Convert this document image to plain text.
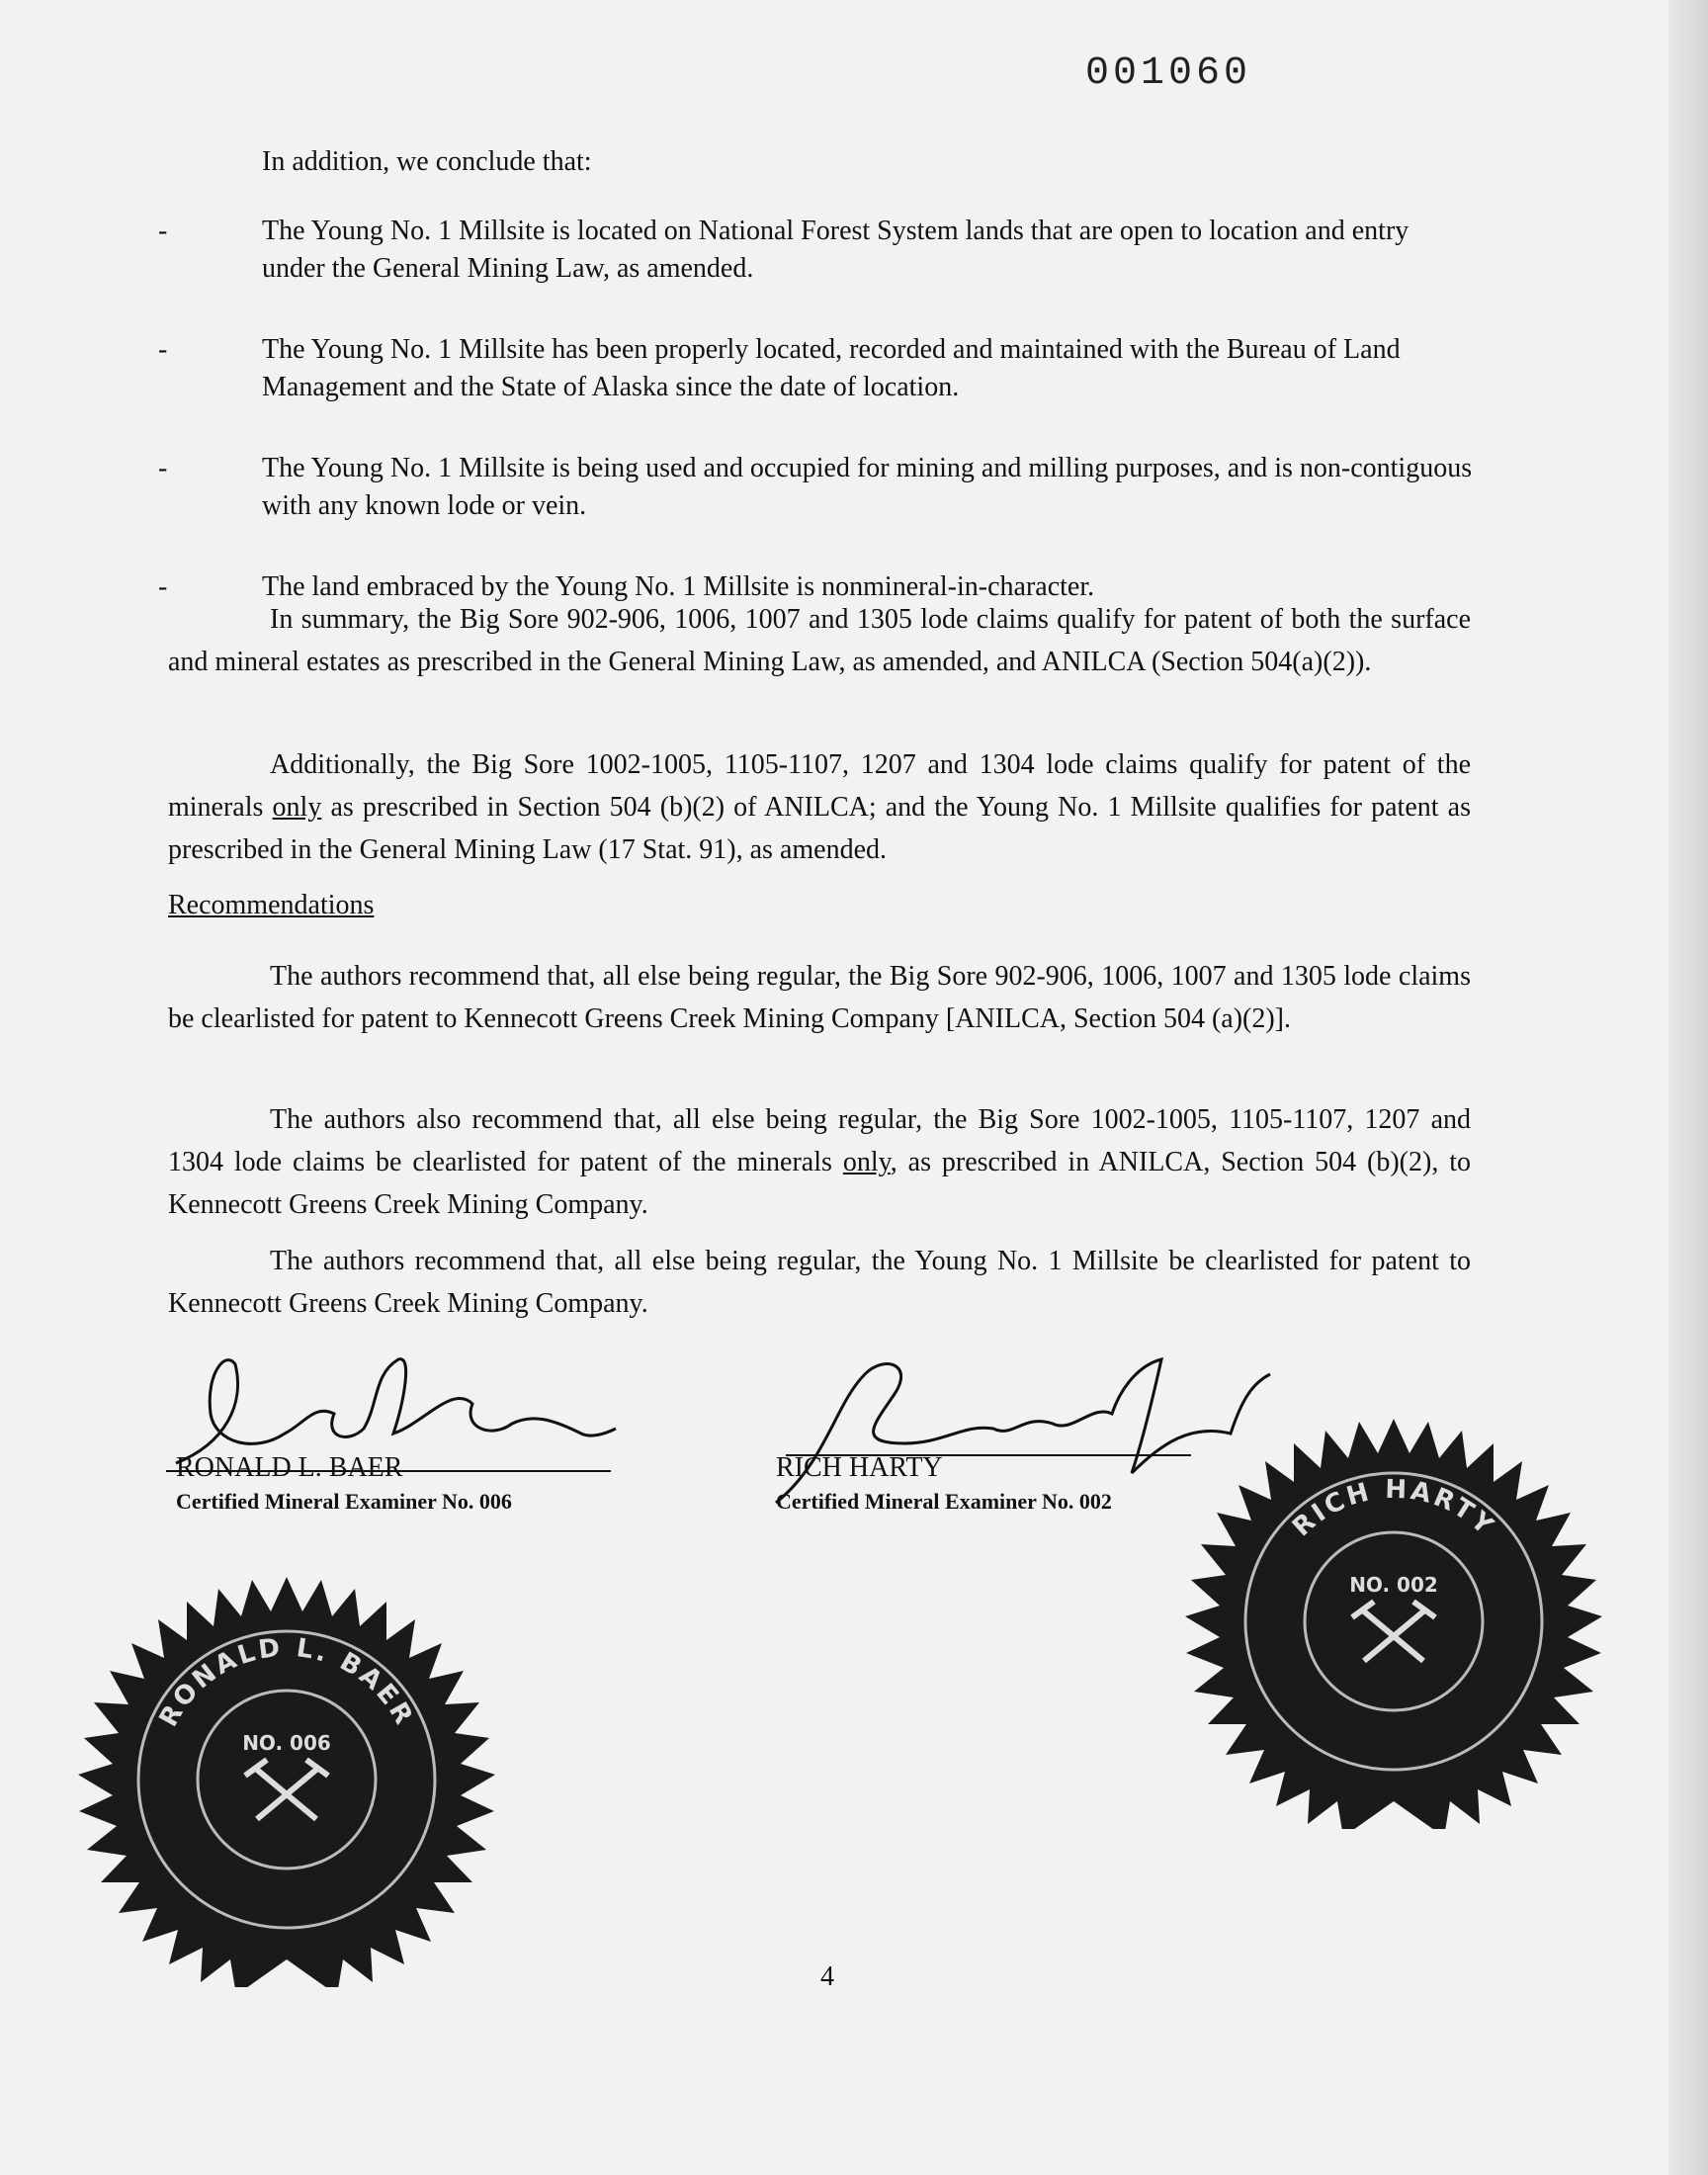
001060
In addition, we conclude that:
-	The Young No. 1 Millsite is located on National Forest System lands that are open to location and entry under the General Mining Law, as amended.
-	The Young No. 1 Millsite has been properly located, recorded and maintained with the Bureau of Land Management and the State of Alaska since the date of location.
-	The Young No. 1 Millsite is being used and occupied for mining and milling purposes, and is non-contiguous with any known lode or vein.
-	The land embraced by the Young No. 1 Millsite is nonmineral-in-character.
In summary, the Big Sore 902-906, 1006, 1007 and 1305 lode claims qualify for patent of both the surface and mineral estates as prescribed in the General Mining Law, as amended, and ANILCA (Section 504(a)(2)).
Additionally, the Big Sore 1002-1005, 1105-1107, 1207 and 1304 lode claims qualify for patent of the minerals only as prescribed in Section 504 (b)(2) of ANILCA; and the Young No. 1 Millsite qualifies for patent as prescribed in the General Mining Law (17 Stat. 91), as amended.
Recommendations
The authors recommend that, all else being regular, the Big Sore 902-906, 1006, 1007 and 1305 lode claims be clearlisted for patent to Kennecott Greens Creek Mining Company [ANILCA, Section 504 (a)(2)].
The authors also recommend that, all else being regular, the Big Sore 1002-1005, 1105-1107, 1207 and 1304 lode claims be clearlisted for patent of the minerals only, as prescribed in ANILCA, Section 504 (b)(2), to Kennecott Greens Creek Mining Company.
The authors recommend that, all else being regular, the Young No. 1 Millsite be clearlisted for patent to Kennecott Greens Creek Mining Company.
RONALD L. BAER
Certified Mineral Examiner No. 006
RICH HARTY
Certified Mineral Examiner No. 002
RONALD L. BAER
NO. 006
RICH HARTY
NO. 002
4
